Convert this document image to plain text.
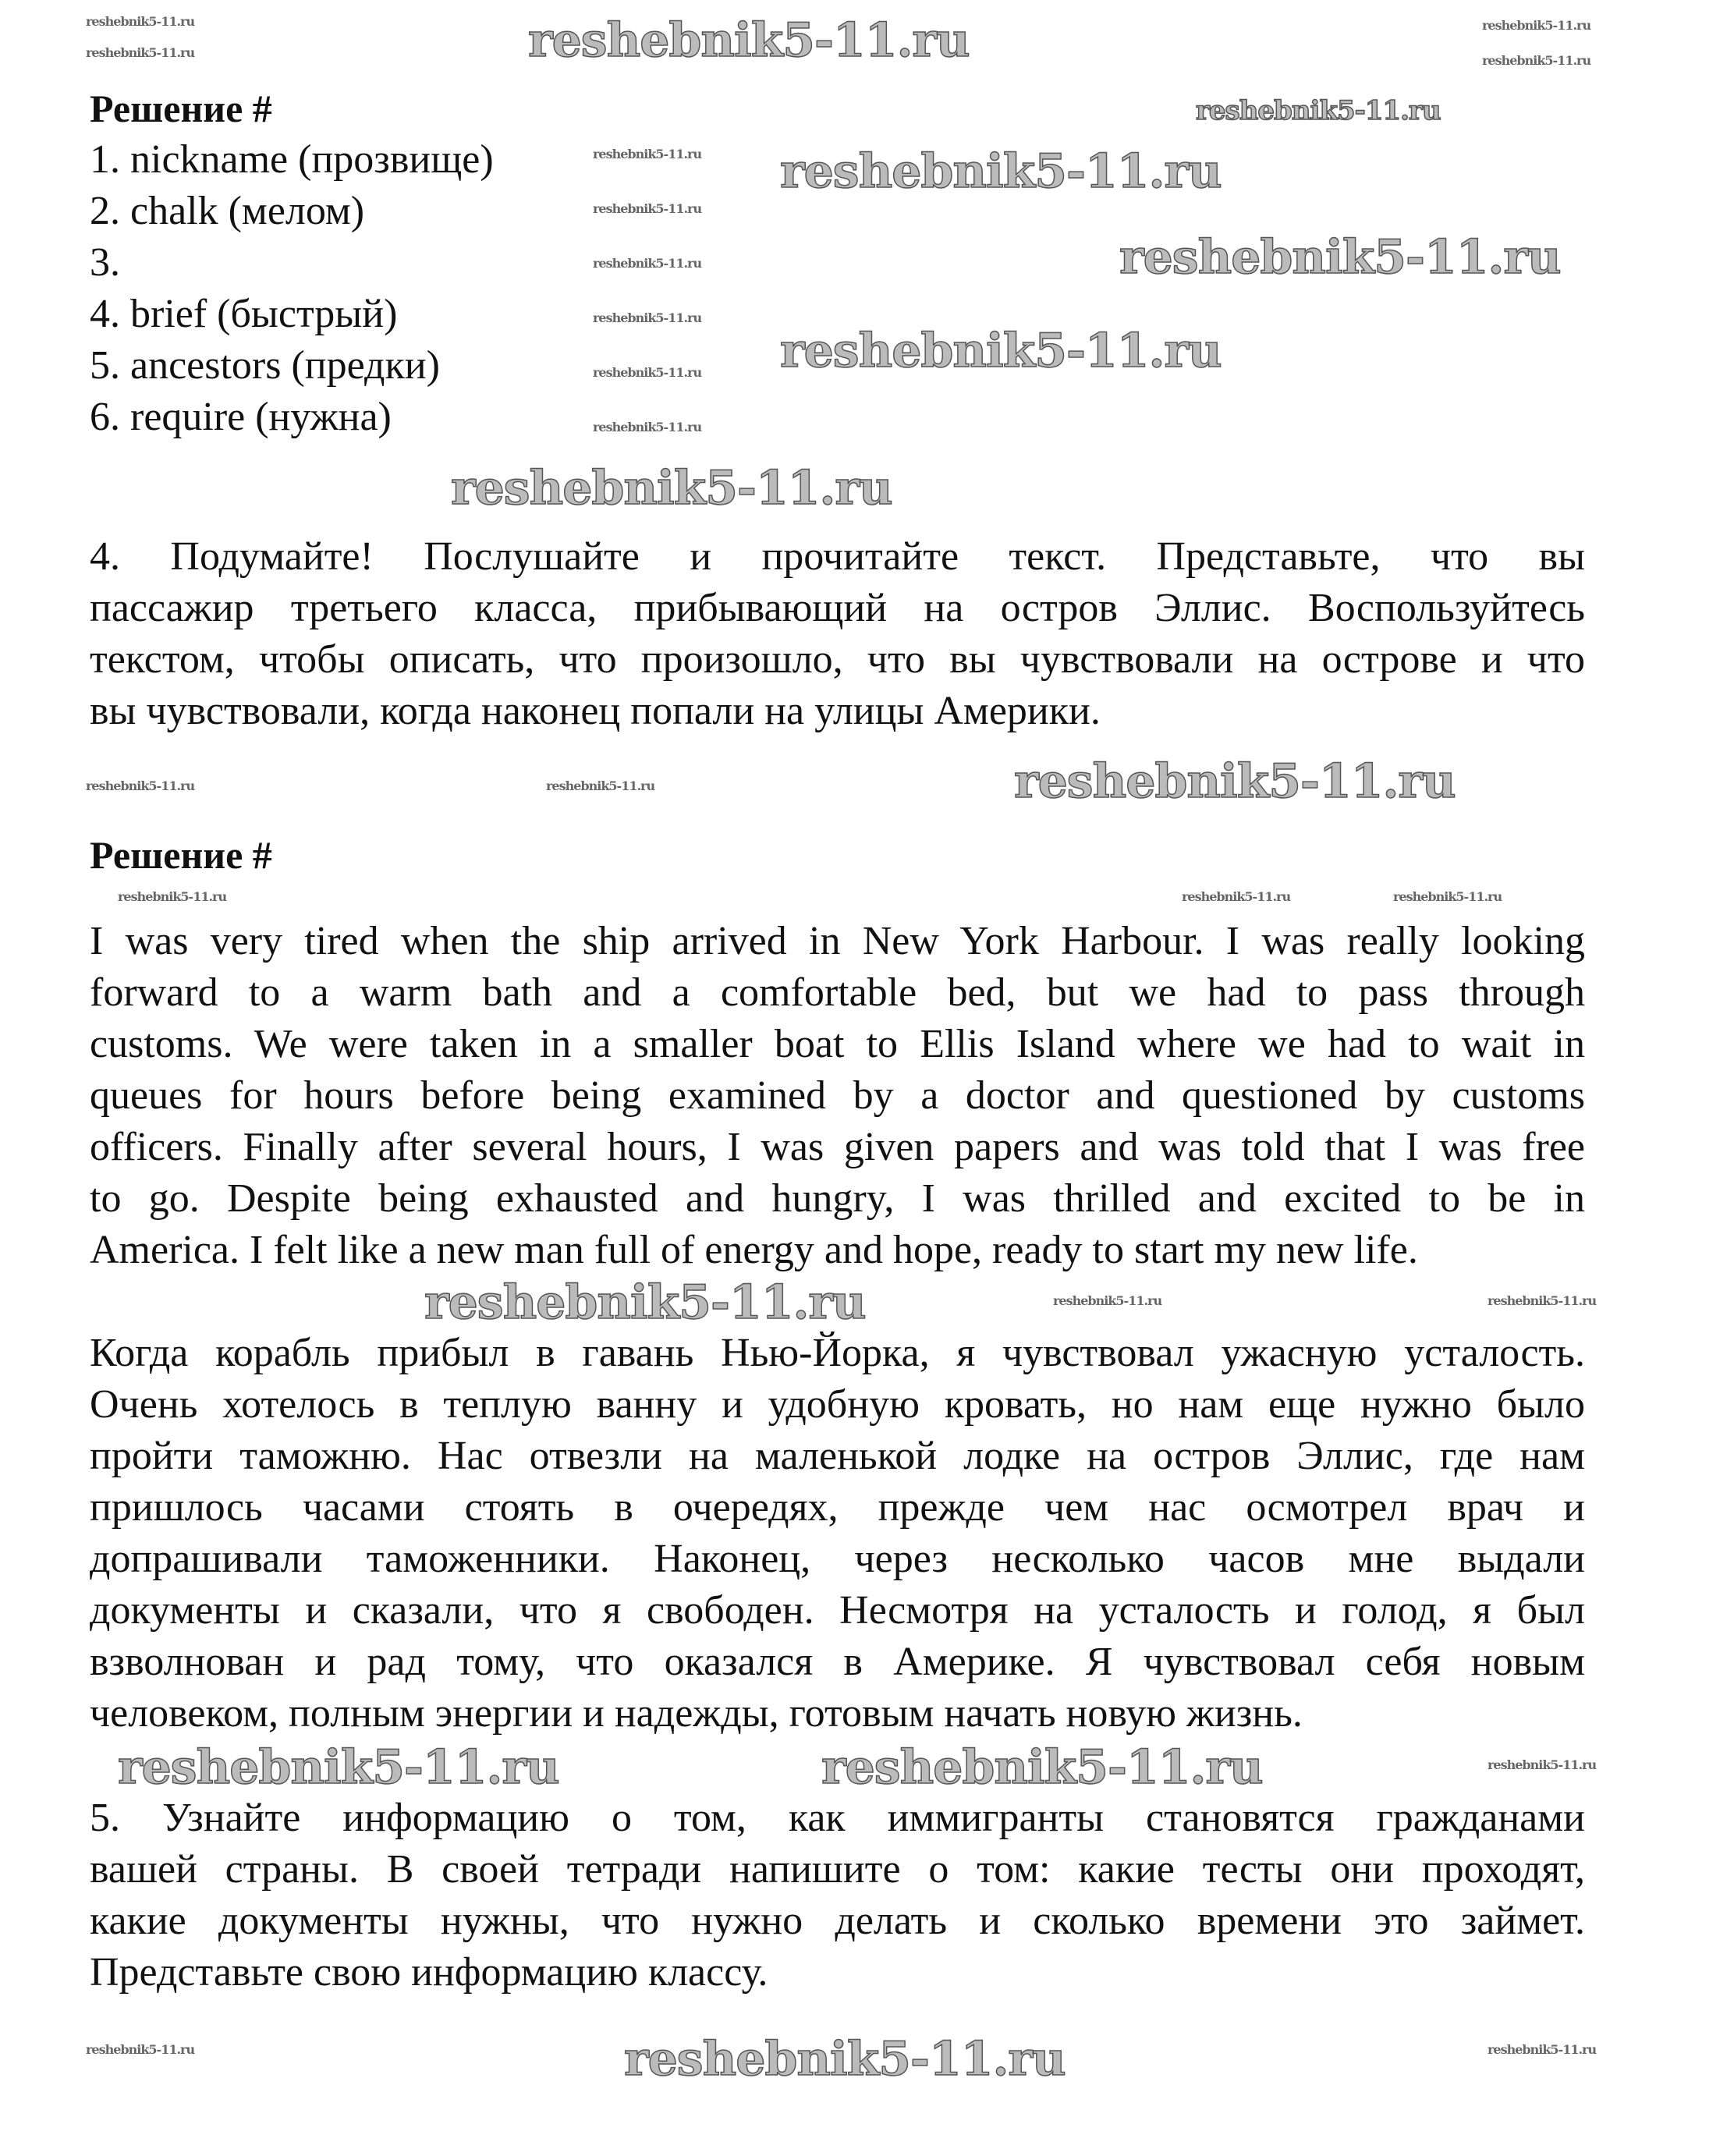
Решение #
1. nickname (прозвище)
2. chalk (мелом)
3.
4. brief (быстрый)
5. ancestors (предки)
6. require (нужна)
4. Подумайте! Послушайте и прочитайте текст. Представьте, что вы
пассажир третьего класса, прибывающий на остров Эллис. Воспользуйтесь
текстом, чтобы описать, что произошло, что вы чувствовали на острове и что
вы чувствовали, когда наконец попали на улицы Америки.
Решение #
I was very tired when the ship arrived in New York Harbour. I was really looking
forward to a warm bath and a comfortable bed, but we had to pass through
customs. We were taken in a smaller boat to Ellis Island where we had to wait in
queues for hours before being examined by a doctor and questioned by customs
officers. Finally after several hours, I was given papers and was told that I was free
to go. Despite being exhausted and hungry, I was thrilled and excited to be in
America. I felt like a new man full of energy and hope, ready to start my new life.
Когда корабль прибыл в гавань Нью-Йорка, я чувствовал ужасную усталость.
Очень хотелось в теплую ванну и удобную кровать, но нам еще нужно было
пройти таможню. Нас отвезли на маленькой лодке на остров Эллис, где нам
пришлось часами стоять в очередях, прежде чем нас осмотрел врач и
допрашивали таможенники. Наконец, через несколько часов мне выдали
документы и сказали, что я свободен. Несмотря на усталость и голод, я был
взволнован и рад тому, что оказался в Америке. Я чувствовал себя новым
человеком, полным энергии и надежды, готовым начать новую жизнь.
5. Узнайте информацию о том, как иммигранты становятся гражданами
вашей страны. В своей тетради напишите о том: какие тесты они проходят,
какие документы нужны, что нужно делать и сколько времени это займет.
Представьте свою информацию классу.
reshebnik5-11.ru
reshebnik5-11.ru
reshebnik5-11.ru
reshebnik5-11.ru
reshebnik5-11.ru
reshebnik5-11.ru
reshebnik5-11.ru
reshebnik5-11.ru
reshebnik5-11.ru	reshebnik5-11.ru
reshebnik5-11.ru
reshebnik5-11.ru
reshebnik5-11.ru
reshebnik5-11.ru
reshebnik5-11.ru
reshebnik5-11.ru
reshebnik5-11.ru
reshebnik5-11.ru
reshebnik5-11.ru
reshebnik5-11.ru
reshebnik5-11.ru
reshebnik5-11.ru	reshebnik5-11.ru
reshebnik5-11.ru	reshebnik5-11.ru	reshebnik5-11.ru
reshebnik5-11.ru	reshebnik5-11.ru
reshebnik5-11.ru
reshebnik5-11.ru	reshebnik5-11.ru
